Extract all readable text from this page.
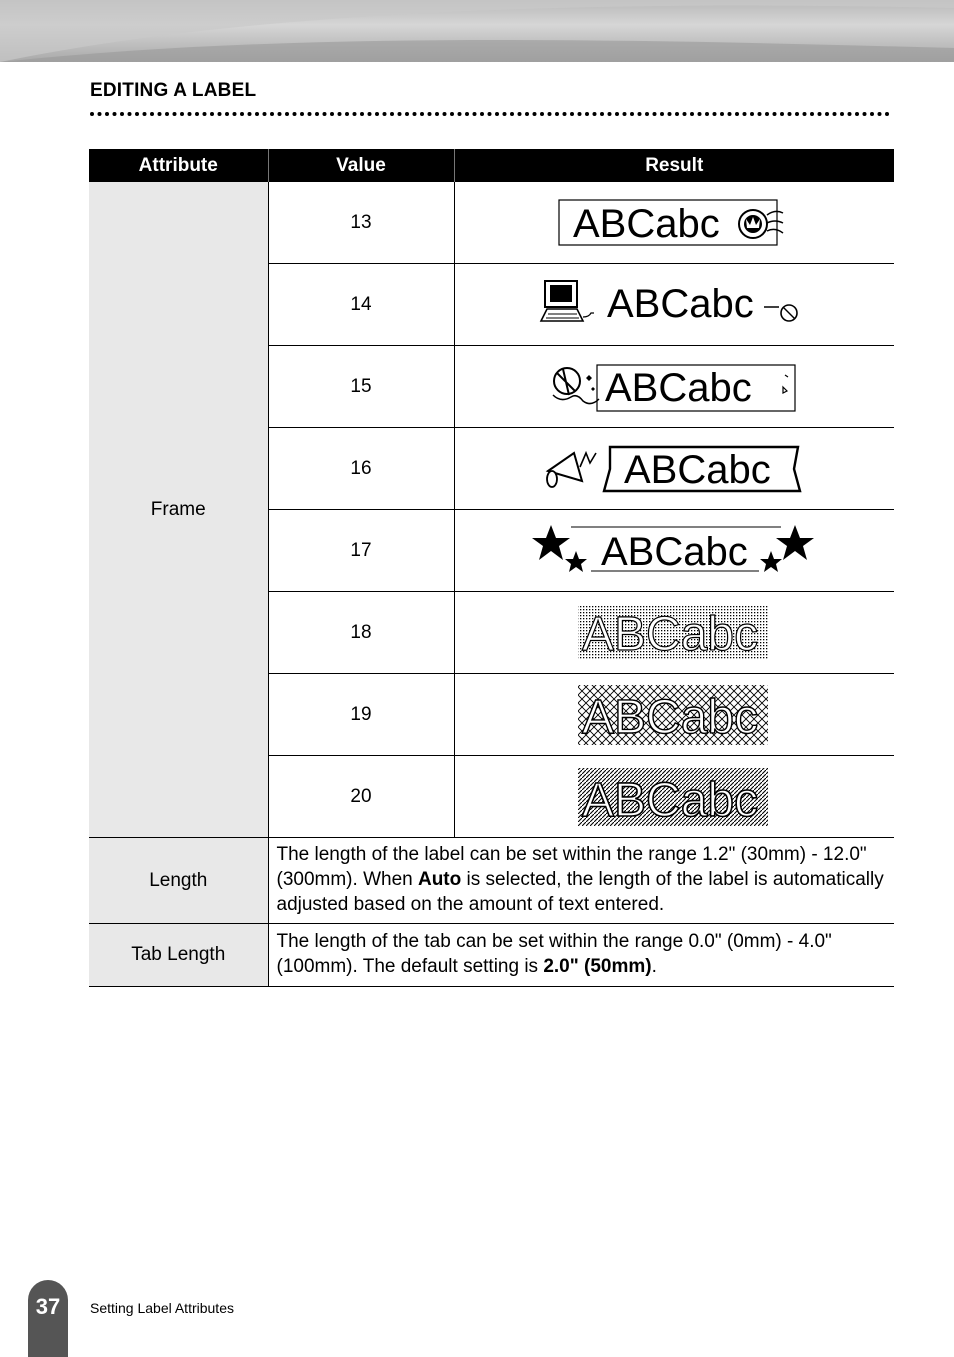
EDITING A LABEL
Attribute	Value	Result
Frame	13	ABCabc

	14	ABCabc

	15	ABCabc

	16	ABCabc

	17	ABCabc

	18	ABCabc

	19	ABCabc

	20	ABCabc

Length	The length of the label can be set within the range 1.2" (30mm) - 12.0" (300mm). When Auto is selected, the length of the label is automatically adjusted based on the amount of text entered.	
Tab Length	The length of the tab can be set within the range 0.0" (0mm) - 4.0"(100mm). The default setting is 2.0" (50mm).	
37	Setting Label Attributes
